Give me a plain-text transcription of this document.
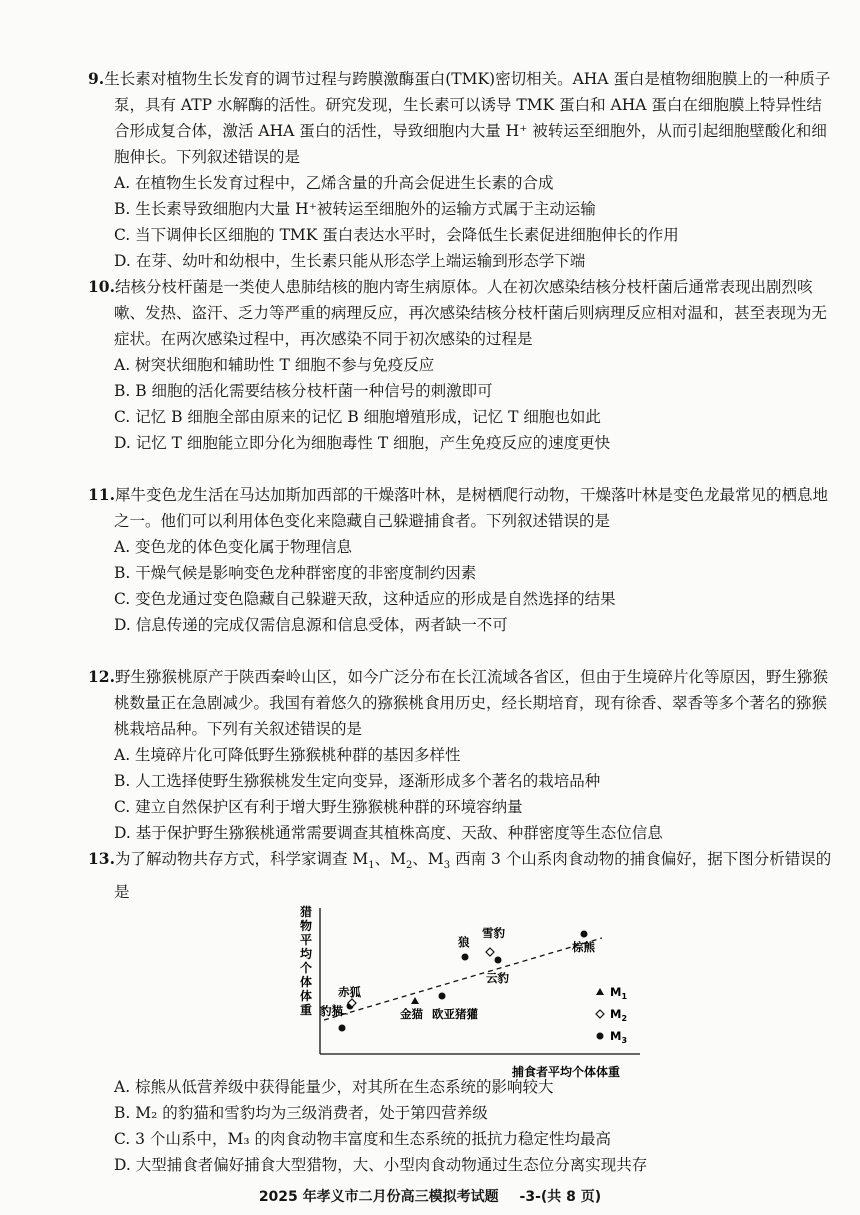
9.生长素对植物生长发育的调节过程与跨膜激酶蛋白(TMK)密切相关。AHA 蛋白是植物细胞膜上的一种质子泵，具有 ATP 水解酶的活性。研究发现，生长素可以诱导 TMK 蛋白和 AHA 蛋白在细胞膜上特异性结合形成复合体，激活 AHA 蛋白的活性，导致细胞内大量 H⁺ 被转运至细胞外，从而引起细胞壁酸化和细胞伸长。下列叙述错误的是

A. 在植物生长发育过程中，乙烯含量的升高会促进生长素的合成

B. 生长素导致细胞内大量 H⁺被转运至细胞外的运输方式属于主动运输

C. 当下调伸长区细胞的 TMK 蛋白表达水平时，会降低生长素促进细胞伸长的作用

D. 在芽、幼叶和幼根中，生长素只能从形态学上端运输到形态学下端

10.结核分枝杆菌是一类使人患肺结核的胞内寄生病原体。人在初次感染结核分枝杆菌后通常表现出剧烈咳嗽、发热、盗汗、乏力等严重的病理反应，再次感染结核分枝杆菌后则病理反应相对温和，甚至表现为无症状。在两次感染过程中，再次感染不同于初次感染的过程是

A. 树突状细胞和辅助性 T 细胞不参与免疫反应

B. B 细胞的活化需要结核分枝杆菌一种信号的刺激即可

C. 记忆 B 细胞全部由原来的记忆 B 细胞增殖形成，记忆 T 细胞也如此

D. 记忆 T 细胞能立即分化为细胞毒性 T 细胞，产生免疫反应的速度更快

11.犀牛变色龙生活在马达加斯加西部的干燥落叶林，是树栖爬行动物，干燥落叶林是变色龙最常见的栖息地之一。他们可以利用体色变化来隐藏自己躲避捕食者。下列叙述错误的是

A. 变色龙的体色变化属于物理信息

B. 干燥气候是影响变色龙种群密度的非密度制约因素

C. 变色龙通过变色隐藏自己躲避天敌，这种适应的形成是自然选择的结果

D. 信息传递的完成仅需信息源和信息受体，两者缺一不可

12.野生猕猴桃原产于陕西秦岭山区，如今广泛分布在长江流域各省区，但由于生境碎片化等原因，野生猕猴桃数量正在急剧减少。我国有着悠久的猕猴桃食用历史，经长期培育，现有徐香、翠香等多个著名的猕猴桃栽培品种。下列有关叙述错误的是

A. 生境碎片化可降低野生猕猴桃种群的基因多样性

B. 人工选择使野生猕猴桃发生定向变异，逐渐形成多个著名的栽培品种

C. 建立自然保护区有利于增大野生猕猴桃种群的环境容纳量

D. 基于保护野生猕猴桃通常需要调查其植株高度、天敌、种群密度等生态位信息

13.为了解动物共存方式，科学家调查 $M_1$、$M_2$、$M_3$ 西南 3 个山系肉食动物的捕食偏好，据下图分析错误的是

猎物平均个体体重
捕食者平均个体体重
狼
雪豹
棕熊
云豹
赤狐
豹猫	金猫 欧亚猪獾
$M_1$
$M_2$
$M_3$

A. 棕熊从低营养级中获得能量少，对其所在生态系统的影响较大

B. M₂ 的豹猫和雪豹均为三级消费者，处于第四营养级

C. 3 个山系中，M₃ 的肉食动物丰富度和生态系统的抵抗力稳定性均最高

D. 大型捕食者偏好捕食大型猎物，大、小型肉食动物通过生态位分离实现共存

2025 年孝义市二月份高三模拟考试题 -3-(共 8 页)
